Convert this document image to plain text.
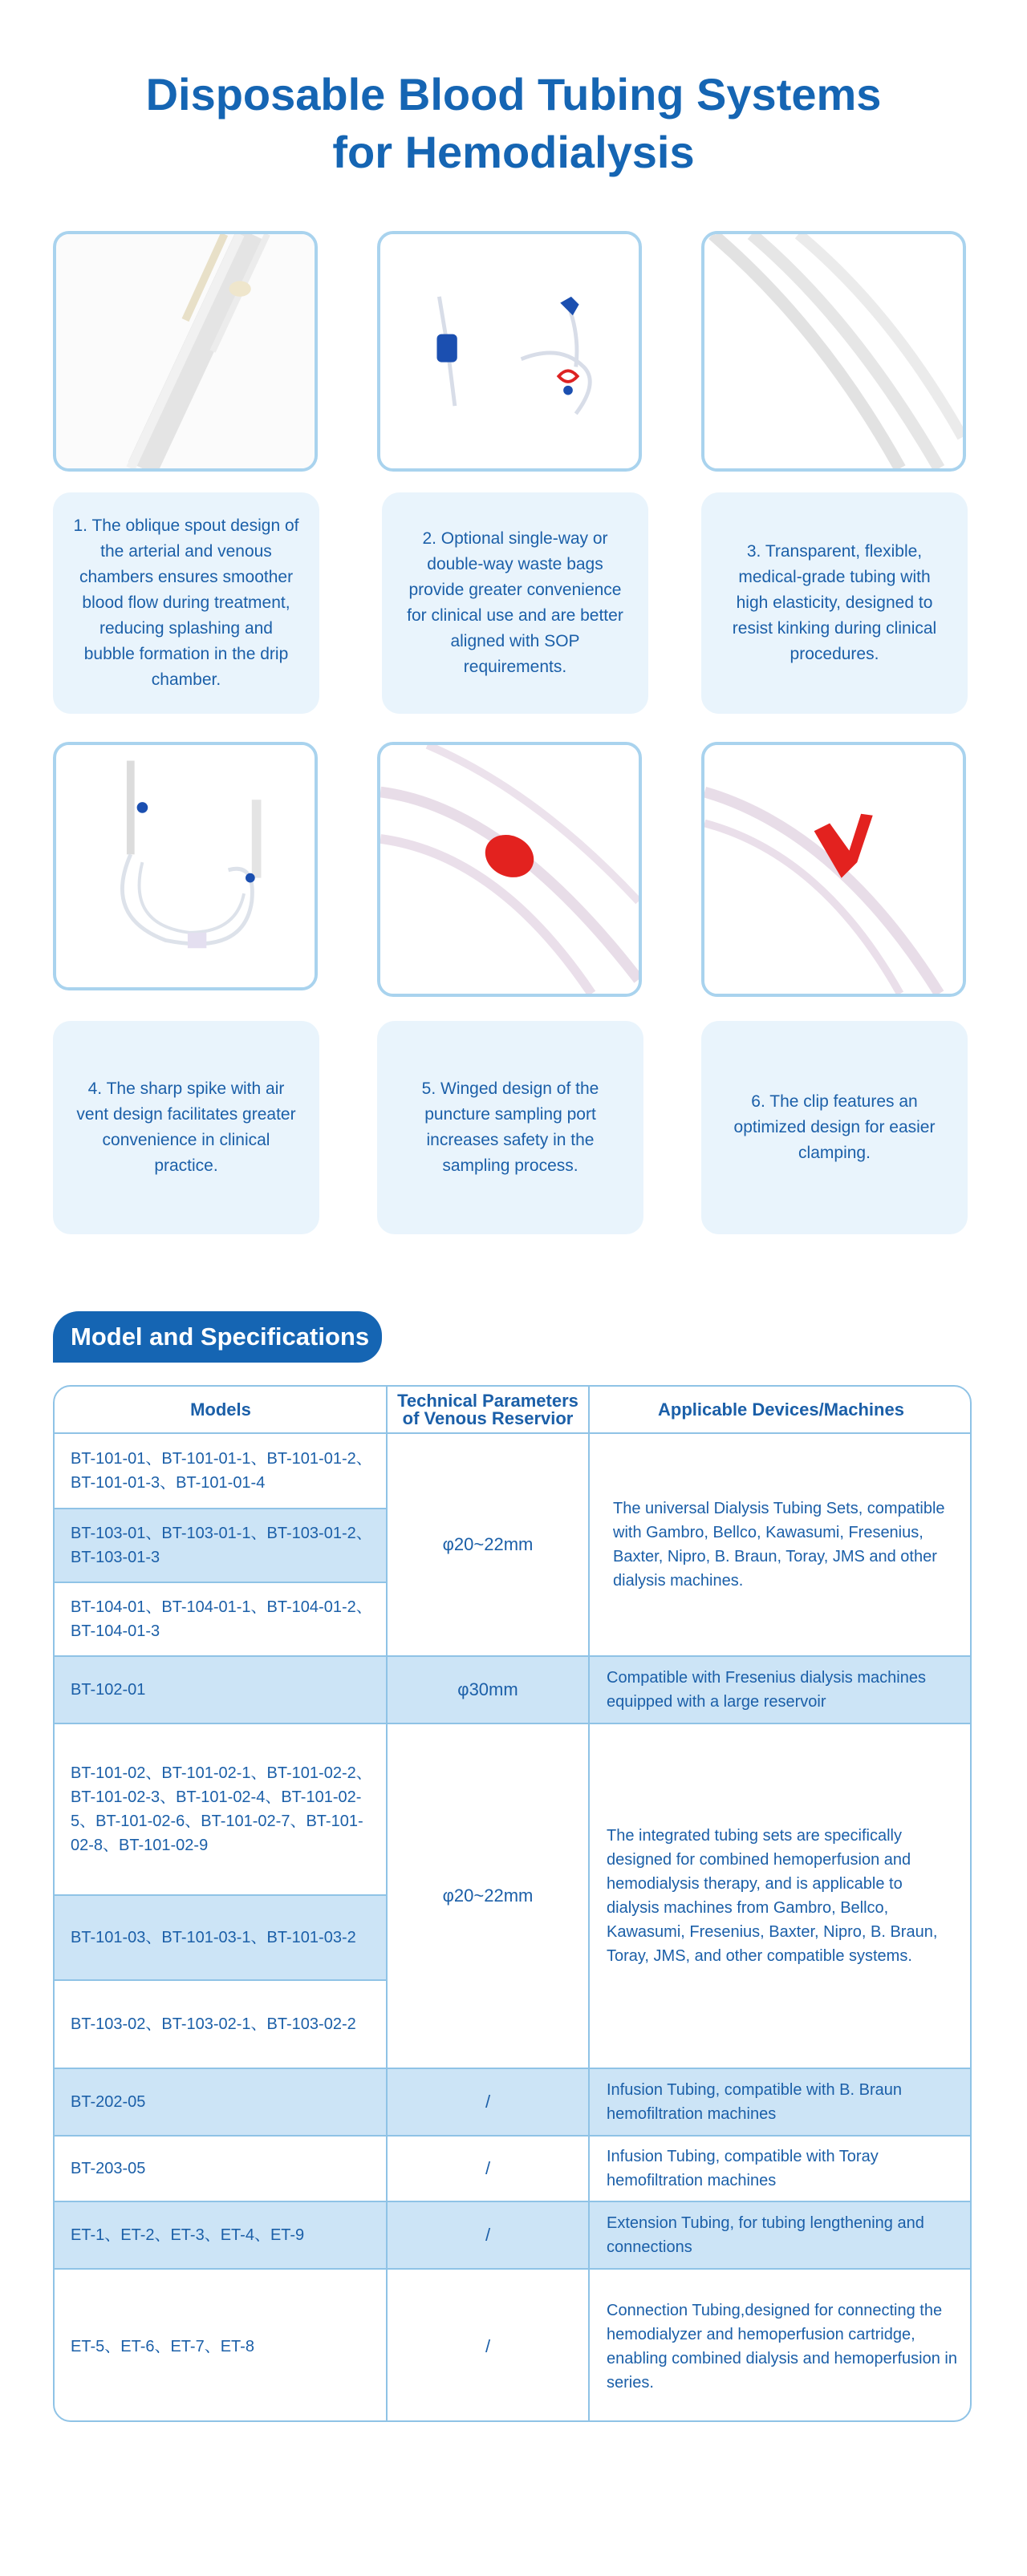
Disposable Blood Tubing Systems
for Hemodialysis
1. The oblique spout design of the arterial and venous chambers ensures smoother blood flow during treatment, reducing splashing and bubble formation in the drip chamber.
2. Optional single-way or double-way waste bags provide greater convenience for clinical use and are better aligned with SOP requirements.
3. Transparent, flexible, medical-grade tubing with high elasticity, designed to resist kinking during clinical procedures.
4. The sharp spike with air vent design facilitates greater convenience in clinical practice.
5. Winged design of the puncture sampling port increases safety in the sampling process.
6. The clip features an optimized design for easier clamping.
Model and Specifications
Models	Technical Parameters
of Venous Reservior	Applicable Devices/Machines
BT-101-01、BT-101-01-1、BT-101-01-2、BT-101-01-3、BT-101-01-4
BT-103-01、BT-103-01-1、BT-103-01-2、BT-103-01-3
BT-104-01、BT-104-01-1、BT-104-01-2、BT-104-01-3
BT-102-01
BT-101-02、BT-101-02-1、BT-101-02-2、BT-101-02-3、BT-101-02-4、BT-101-02-5、BT-101-02-6、BT-101-02-7、BT-101-02-8、BT-101-02-9
BT-101-03、BT-101-03-1、BT-101-03-2
BT-103-02、BT-103-02-1、BT-103-02-2
BT-202-05
BT-203-05
ET-1、ET-2、ET-3、ET-4、ET-9
ET-5、ET-6、ET-7、ET-8
φ20~22mm
φ30mm
φ20~22mm
/
/
/
/
The universal Dialysis Tubing Sets, compatible with Gambro, Bellco, Kawasumi, Fresenius, Baxter, Nipro, B. Braun, Toray, JMS and other dialysis machines.
Compatible with Fresenius dialysis machines equipped with a large reservoir
The integrated tubing sets are specifically designed for combined hemoperfusion and hemodialysis therapy, and is applicable to dialysis machines from Gambro, Bellco, Kawasumi, Fresenius, Baxter, Nipro, B. Braun, Toray, JMS, and other compatible systems.
Infusion Tubing, compatible with B. Braun hemofiltration machines
Infusion Tubing, compatible with Toray hemofiltration machines
Extension Tubing, for tubing lengthening and connections
Connection Tubing,designed for connecting the hemodialyzer and hemoperfusion cartridge, enabling combined dialysis and hemoperfusion in series.
